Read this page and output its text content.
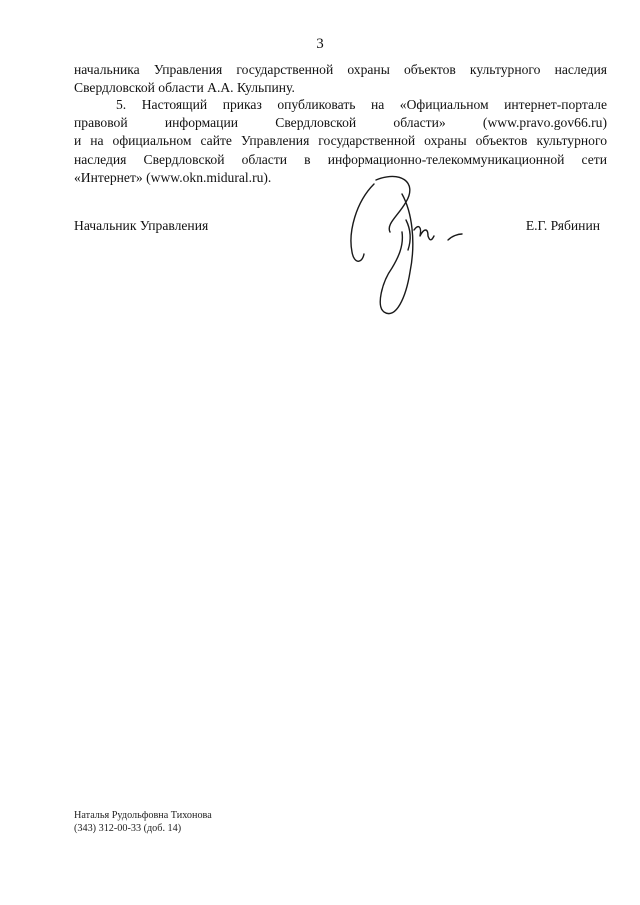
3
начальника Управления государственной охраны объектов культурного наследия
Свердловской области А.А. Кульпину.
5. Настоящий приказ опубликовать на «Официальном интернет-портале
правовой информации Свердловской области» (www.pravo.gov66.ru)
и на официальном сайте Управления государственной охраны объектов культурного
наследия Свердловской области в информационно-телекоммуникационной сети
«Интернет» (www.okn.midural.ru).
Начальник Управления	Е.Г. Рябинин
Наталья Рудольфовна Тихонова
(343) 312-00-33 (доб. 14)
